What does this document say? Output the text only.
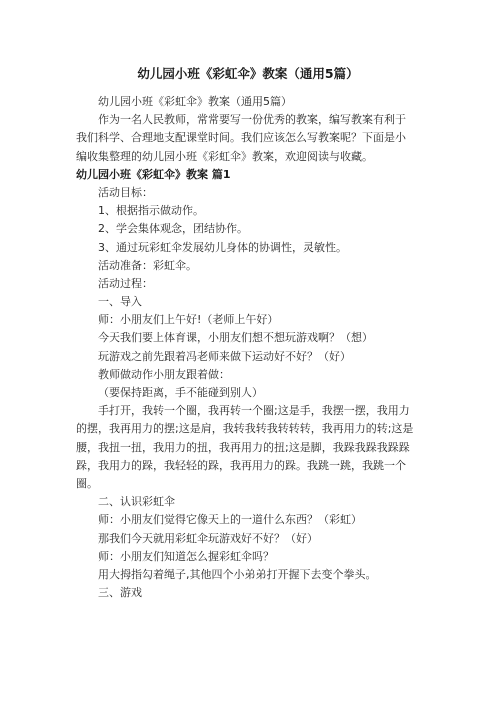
幼儿园小班《彩虹伞》教案（通用5篇）
幼儿园小班《彩虹伞》教案（通用5篇）
作为一名人民教师，常常要写一份优秀的教案，编写教案有利于
我们科学、合理地支配课堂时间。我们应该怎么写教案呢？下面是小
编收集整理的幼儿园小班《彩虹伞》教案，欢迎阅读与收藏。
幼儿园小班《彩虹伞》教案 篇1
活动目标：
1、根据指示做动作。
2、学会集体观念，团结协作。
3、通过玩彩虹伞发展幼儿身体的协调性，灵敏性。
活动准备：彩虹伞。
活动过程：
一、导入
师：小朋友们上午好!（老师上午好）
今天我们要上体育课，小朋友们想不想玩游戏啊？（想）
玩游戏之前先跟着冯老师来做下运动好不好？（好）
教师做动作小朋友跟着做：
（要保持距离，手不能碰到别人）
手打开，我转一个圈，我再转一个圈;这是手，我摆一摆，我用力
的摆，我再用力的摆;这是肩，我转我转我转转转，我再用力的转;这是
腰，我扭一扭，我用力的扭，我再用力的扭;这是脚，我跺我跺我跺跺
跺，我用力的跺，我轻轻的跺，我再用力的跺。我跳一跳，我跳一个
圈。
二、认识彩虹伞
师：小朋友们觉得它像天上的一道什么东西？（彩虹）
那我们今天就用彩虹伞玩游戏好不好？（好）
师：小朋友们知道怎么握彩虹伞吗？
用大拇指勾着绳子,其他四个小弟弟打开握下去变个拳头。
三、游戏
